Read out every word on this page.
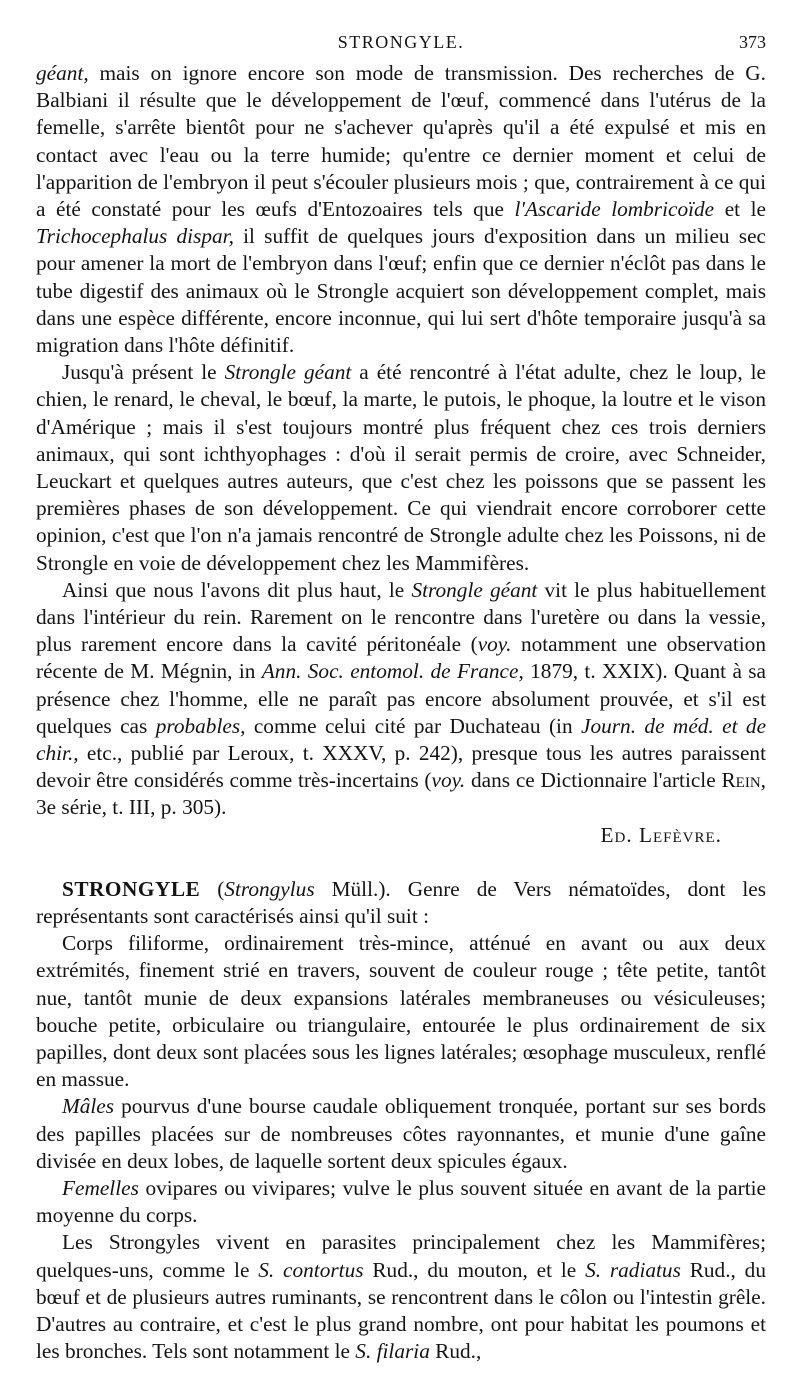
STRONGYLE.	373

géant, mais on ignore encore son mode de transmission. Des recherches de G. Balbiani il résulte que le développement de l'œuf, commencé dans l'utérus de la femelle, s'arrête bientôt pour ne s'achever qu'après qu'il a été expulsé et mis en contact avec l'eau ou la terre humide; qu'entre ce dernier moment et celui de l'apparition de l'embryon il peut s'écouler plusieurs mois ; que, contrairement à ce qui a été constaté pour les œufs d'Entozoaires tels que l'Ascaride lombricoïde et le Trichocephalus dispar, il suffit de quelques jours d'exposition dans un milieu sec pour amener la mort de l'embryon dans l'œuf; enfin que ce dernier n'éclôt pas dans le tube digestif des animaux où le Strongle acquiert son développement complet, mais dans une espèce différente, encore inconnue, qui lui sert d'hôte temporaire jusqu'à sa migration dans l'hôte définitif.

Jusqu'à présent le Strongle géant a été rencontré à l'état adulte, chez le loup, le chien, le renard, le cheval, le bœuf, la marte, le putois, le phoque, la loutre et le vison d'Amérique ; mais il s'est toujours montré plus fréquent chez ces trois derniers animaux, qui sont ichthyophages : d'où il serait permis de croire, avec Schneider, Leuckart et quelques autres auteurs, que c'est chez les poissons que se passent les premières phases de son développement. Ce qui viendrait encore corroborer cette opinion, c'est que l'on n'a jamais rencontré de Strongle adulte chez les Poissons, ni de Strongle en voie de développement chez les Mammifères.

Ainsi que nous l'avons dit plus haut, le Strongle géant vit le plus habituellement dans l'intérieur du rein. Rarement on le rencontre dans l'uretère ou dans la vessie, plus rarement encore dans la cavité péritonéale (voy. notamment une observation récente de M. Mégnin, in Ann. Soc. entomol. de France, 1879, t. XXIX). Quant à sa présence chez l'homme, elle ne paraît pas encore absolument prouvée, et s'il est quelques cas probables, comme celui cité par Duchateau (in Journ. de méd. et de chir., etc., publié par Leroux, t. XXXV, p. 242), presque tous les autres paraissent devoir être considérés comme très-incertains (voy. dans ce Dictionnaire l'article Rein, 3e série, t. III, p. 305).

Ed. Lefèvre.

STRONGYLE (Strongylus Müll.). Genre de Vers nématoïdes, dont les représentants sont caractérisés ainsi qu'il suit :

Corps filiforme, ordinairement très-mince, atténué en avant ou aux deux extrémités, finement strié en travers, souvent de couleur rouge ; tête petite, tantôt nue, tantôt munie de deux expansions latérales membraneuses ou vésiculeuses; bouche petite, orbiculaire ou triangulaire, entourée le plus ordinairement de six papilles, dont deux sont placées sous les lignes latérales; œsophage musculeux, renflé en massue.

Mâles pourvus d'une bourse caudale obliquement tronquée, portant sur ses bords des papilles placées sur de nombreuses côtes rayonnantes, et munie d'une gaîne divisée en deux lobes, de laquelle sortent deux spicules égaux.

Femelles ovipares ou vivipares; vulve le plus souvent située en avant de la partie moyenne du corps.

Les Strongyles vivent en parasites principalement chez les Mammifères; quelques-uns, comme le S. contortus Rud., du mouton, et le S. radiatus Rud., du bœuf et de plusieurs autres ruminants, se rencontrent dans le côlon ou l'intestin grêle. D'autres au contraire, et c'est le plus grand nombre, ont pour habitat les poumons et les bronches. Tels sont notamment le S. filaria Rud.,
